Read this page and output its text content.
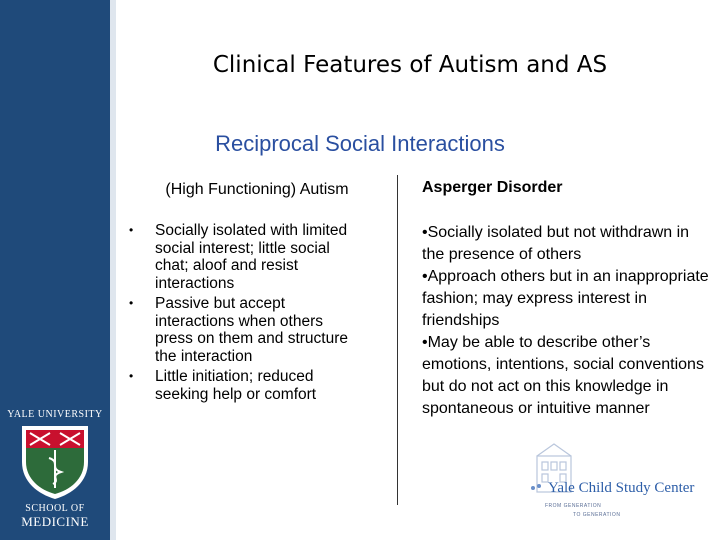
YALE UNIVERSITY
SCHOOL OF
MEDICINE
Clinical Features of Autism and AS
Reciprocal Social Interactions
(High Functioning) Autism	Asperger Disorder
• Socially isolated with limited social interest; little social chat; aloof and resist interactions
• Passive but accept interactions when others press on them and structure the interaction
• Little initiation; reduced seeking help or comfort
•Socially isolated but not withdrawn in the presence of others
•Approach others but in an inappropriate fashion; may express interest in friendships
•May be able to describe other’s emotions, intentions, social conventions but do not act on this knowledge in spontaneous or intuitive manner
Yale Child Study Center
FROM GENERATION
TO GENERATION
